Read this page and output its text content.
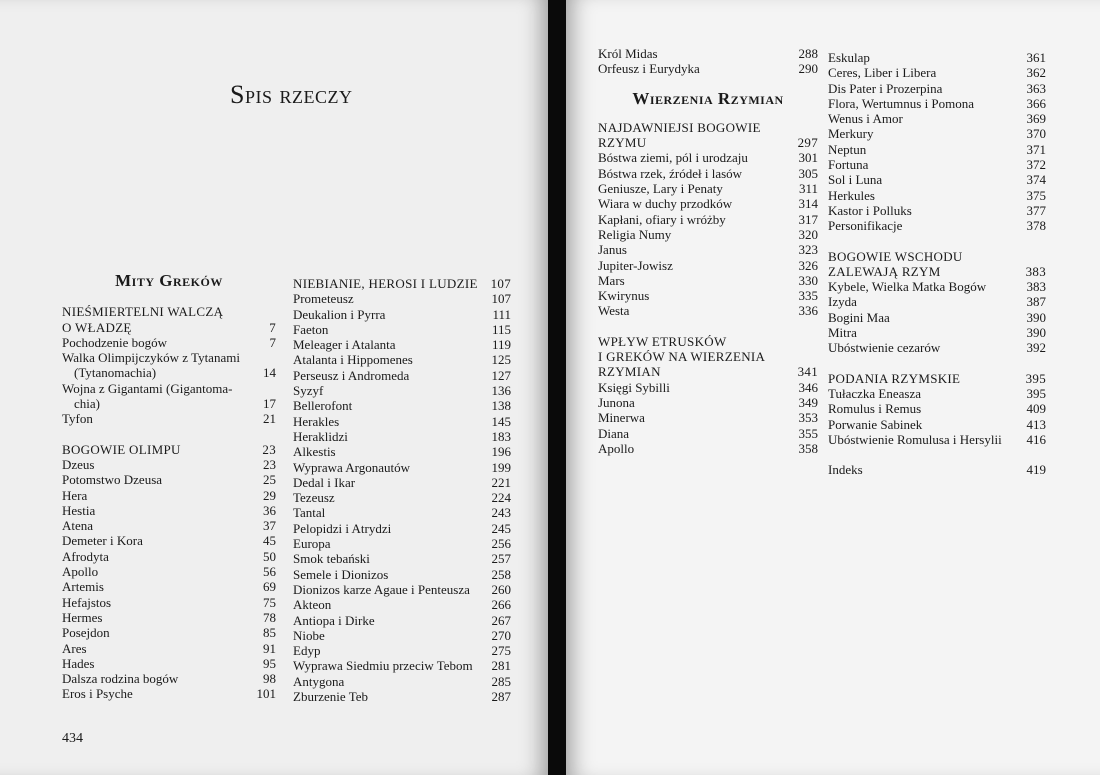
Spis rzeczy
Mity Greków
NIEŚMIERTELNI WALCZĄ
O WŁADZĘ	7
Pochodzenie bogów	7
Walka Olimpijczyków z Tytanami
(Tytanomachia)	14
Wojna z Gigantami (Gigantoma-
chia)	17
Tyfon	21
BOGOWIE OLIMPU	23
Dzeus	23
Potomstwo Dzeusa	25
Hera	29
Hestia	36
Atena	37
Demeter i Kora	45
Afrodyta	50
Apollo	56
Artemis	69
Hefajstos	75
Hermes	78
Posejdon	85
Ares	91
Hades	95
Dalsza rodzina bogów	98
Eros i Psyche	101
NIEBIANIE, HEROSI I LUDZIE 107
Prometeusz	107
Deukalion i Pyrra	111
Faeton	115
Meleager i Atalanta	119
Atalanta i Hippomenes	125
Perseusz i Andromeda	127
Syzyf	136
Bellerofont	138
Herakles	145
Heraklidzi	183
Alkestis	196
Wyprawa Argonautów	199
Dedal i Ikar	221
Tezeusz	224
Tantal	243
Pelopidzi i Atrydzi	245
Europa	256
Smok tebański	257
Semele i Dionizos	258
Dionizos karze Agaue i Penteusza	260
Akteon	266
Antiopa i Dirke	267
Niobe	270
Edyp	275
Wyprawa Siedmiu przeciw Tebom	281
Antygona	285
Zburzenie Teb	287
434
Król Midas	288
Orfeusz i Eurydyka	290
Wierzenia Rzymian
NAJDAWNIEJSI BOGOWIE
RZYMU	297
Bóstwa ziemi, pól i urodzaju	301
Bóstwa rzek, źródeł i lasów	305
Geniusze, Lary i Penaty	311
Wiara w duchy przodków	314
Kapłani, ofiary i wróżby	317
Religia Numy	320
Janus	323
Jupiter-Jowisz	326
Mars	330
Kwirynus	335
Westa	336
WPŁYW ETRUSKÓW
I GREKÓW NA WIERZENIA
RZYMIAN	341
Księgi Sybilli	346
Junona	349
Minerwa	353
Diana	355
Apollo	358
Eskulap	361
Ceres, Liber i Libera	362
Dis Pater i Prozerpina	363
Flora, Wertumnus i Pomona	366
Wenus i Amor	369
Merkury	370
Neptun	371
Fortuna	372
Sol i Luna	374
Herkules	375
Kastor i Polluks	377
Personifikacje	378
BOGOWIE WSCHODU
ZALEWAJĄ RZYM	383
Kybele, Wielka Matka Bogów	383
Izyda	387
Bogini Maa	390
Mitra	390
Ubóstwienie cezarów	392
PODANIA RZYMSKIE	395
Tułaczka Eneasza	395
Romulus i Remus	409
Porwanie Sabinek	413
Ubóstwienie Romulusa i Hersylii	416
Indeks	419
